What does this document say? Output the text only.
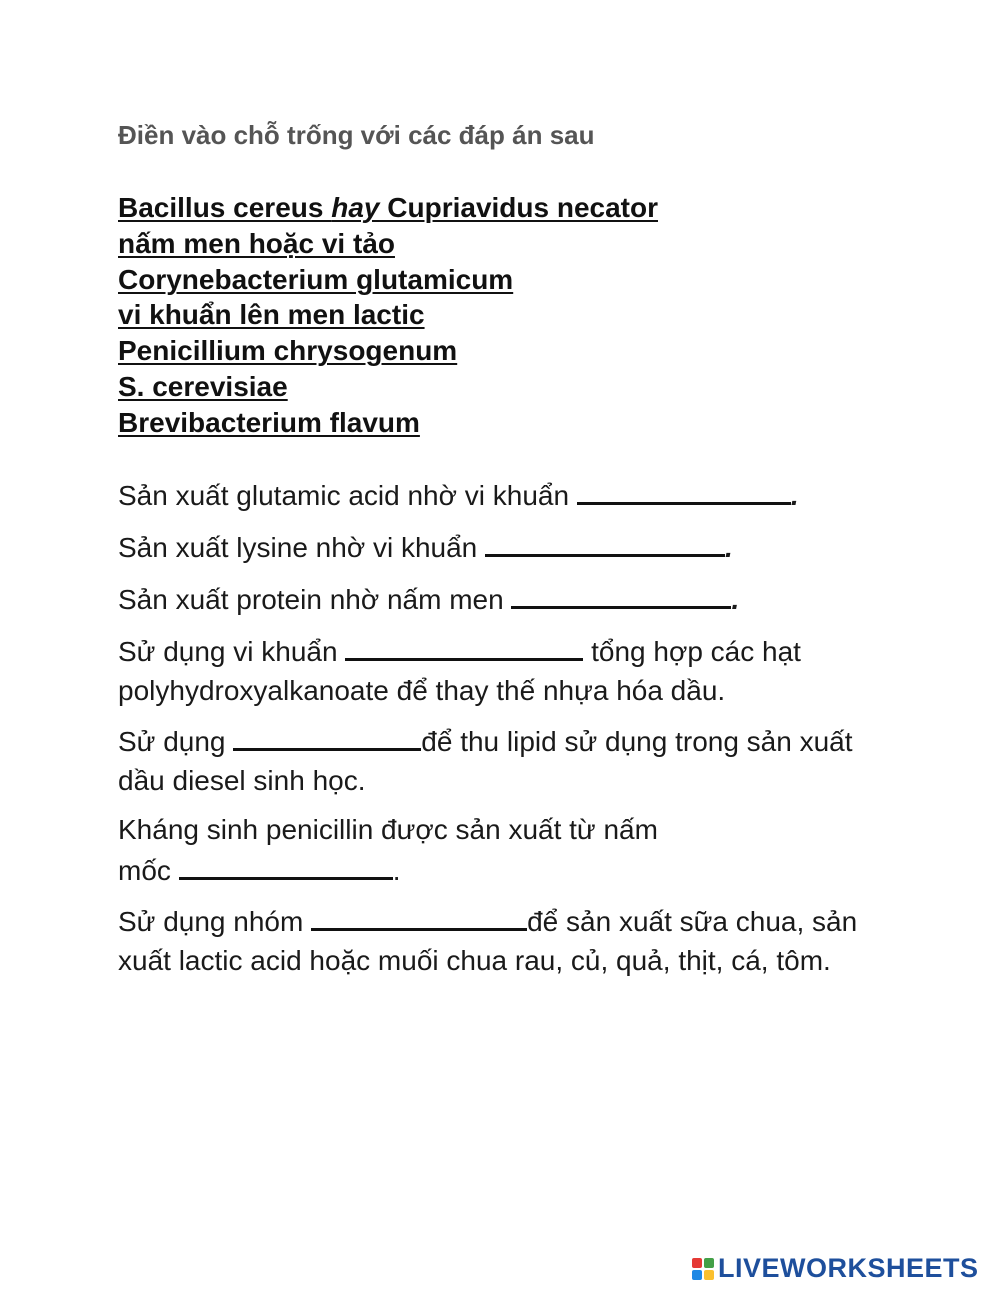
Điền vào chỗ trống với các đáp án sau
Bacillus cereus hay Cupriavidus necator
nấm men hoặc vi tảo
Corynebacterium glutamicum
vi khuẩn lên men lactic
Penicillium chrysogenum
S. cerevisiae
Brevibacterium flavum

Sản xuất glutamic acid nhờ vi khuẩn	.

Sản xuất lysine nhờ vi khuẩn	.

Sản xuất protein nhờ nấm men	.

Sử dụng vi khuẩn	tổng hợp các hạt polyhydroxyalkanoate để thay thế nhựa hóa dầu.

Sử dụng	để thu lipid sử dụng trong sản xuất dầu diesel sinh học.

Kháng sinh penicillin được sản xuất từ nấm
mốc	.

Sử dụng nhóm	để sản xuất sữa chua, sản xuất lactic acid hoặc muối chua rau, củ, quả, thịt, cá, tôm.

LIVEWORKSHEETS
